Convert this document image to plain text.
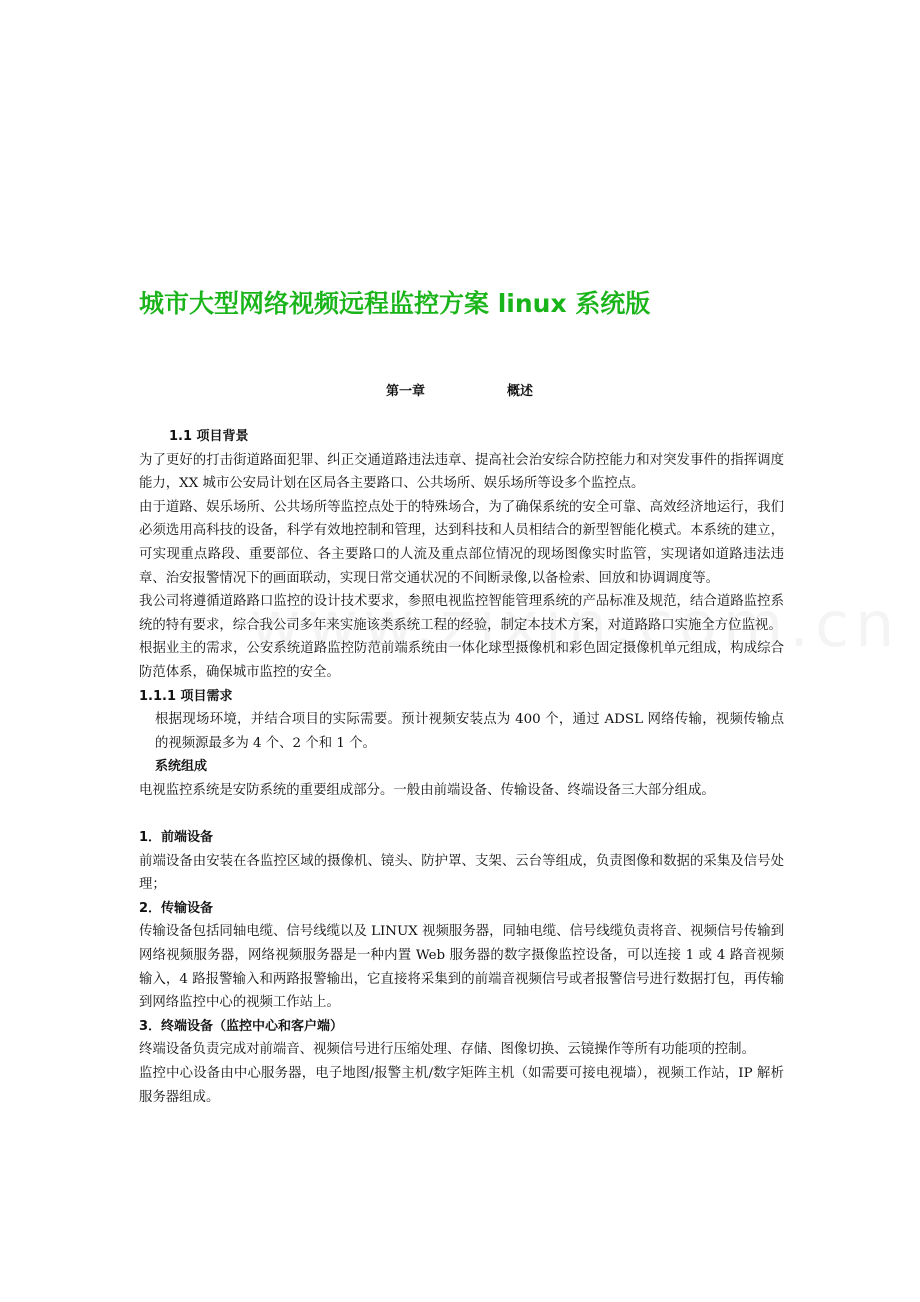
城市大型网络视频远程监控方案 linux 系统版
第一章	概述

1.1 项目背景

为了更好的打击街道路面犯罪、纠正交通道路违法违章、提高社会治安综合防控能力和对突发事件的指挥调度能力，XX 城市公安局计划在区局各主要路口、公共场所、娱乐场所等设多个监控点。

由于道路、娱乐场所、公共场所等监控点处于的特殊场合，为了确保系统的安全可靠、高效经济地运行，我们必须选用高科技的设备，科学有效地控制和管理，达到科技和人员相结合的新型智能化模式。本系统的建立，可实现重点路段、重要部位、各主要路口的人流及重点部位情况的现场图像实时监管，实现诸如道路违法违章、治安报警情况下的画面联动，实现日常交通状况的不间断录像,以备检索、回放和协调调度等。

我公司将遵循道路路口监控的设计技术要求，参照电视监控智能管理系统的产品标准及规范，结合道路监控系统的特有要求，综合我公司多年来实施该类系统工程的经验，制定本技术方案，对道路路口实施全方位监视。

根据业主的需求，公安系统道路监控防范前端系统由一体化球型摄像机和彩色固定摄像机单元组成，构成综合防范体系，确保城市监控的安全。

1.1.1 项目需求

根据现场环境，并结合项目的实际需要。预计视频安装点为 400 个，通过 ADSL 网络传输，视频传输点的视频源最多为 4 个、2 个和 1 个。

系统组成

电视监控系统是安防系统的重要组成部分。一般由前端设备、传输设备、终端设备三大部分组成。

1．前端设备

前端设备由安装在各监控区域的摄像机、镜头、防护罩、支架、云台等组成，负责图像和数据的采集及信号处理；

2．传输设备

传输设备包括同轴电缆、信号线缆以及 LINUX 视频服务器，同轴电缆、信号线缆负责将音、视频信号传输到网络视频服务器，网络视频服务器是一种内置 Web 服务器的数字摄像监控设备，可以连接 1 或 4 路音视频输入，4 路报警输入和两路报警输出，它直接将采集到的前端音视频信号或者报警信号进行数据打包，再传输到网络监控中心的视频工作站上。

3．终端设备（监控中心和客户端）

终端设备负责完成对前端音、视频信号进行压缩处理、存储、图像切换、云镜操作等所有功能项的控制。

监控中心设备由中心服务器，电子地图/报警主机/数字矩阵主机（如需要可接电视墙），视频工作站，IP 解析服务器组成。
